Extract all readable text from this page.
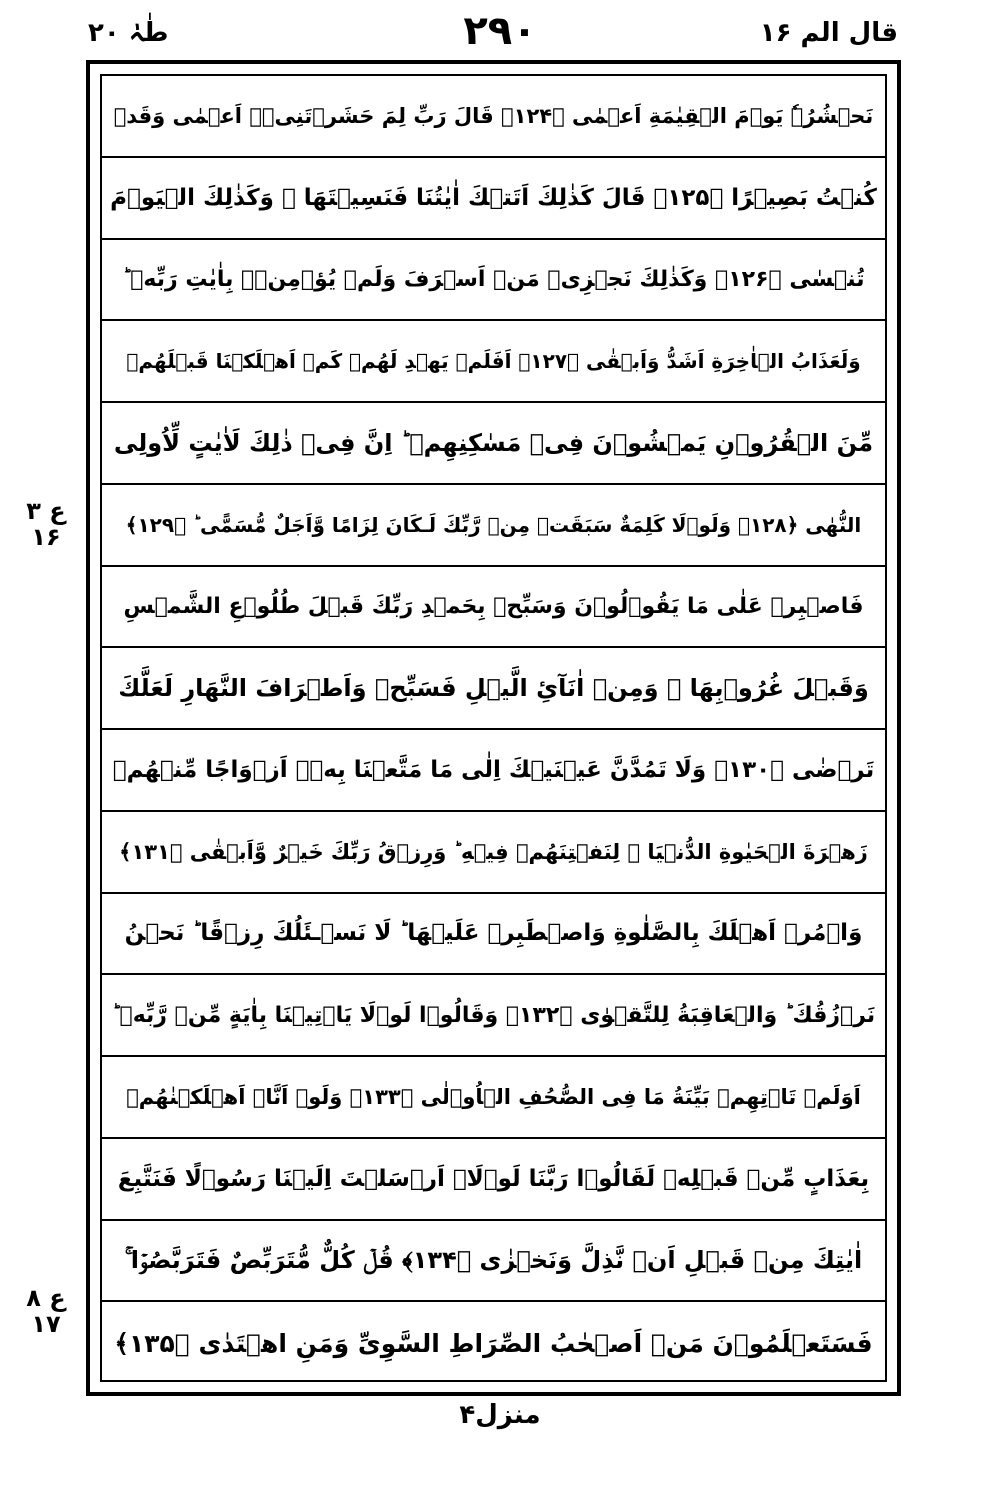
طٰہٰ ۲۰	۲۹۰	قال الم ۱۶
نَحۡشُرُہٗ يَوۡمَ الۡقِيٰمَةِ اَعۡمٰى ﴿۱۲۴﴾ قَالَ رَبِّ لِمَ حَشَرۡتَنِىۡۤ اَعۡمٰى وَقَدۡ
كُنۡتُ بَصِيۡرًا ﴿۱۲۵﴾ قَالَ كَذٰلِكَ اَتَتۡكَ اٰيٰتُنَا فَنَسِيۡتَهَا ۚ وَكَذٰلِكَ الۡيَوۡمَ
تُنۡسٰى ﴿۱۲۶﴾ وَكَذٰلِكَ نَجۡزِىۡ مَنۡ اَسۡرَفَ وَلَمۡ يُؤۡمِنۡۢ بِاٰيٰتِ رَبِّهٖ ؕ
وَلَعَذَابُ الۡاٰخِرَةِ اَشَدُّ وَاَبۡقٰى ﴿۱۲۷﴾ اَفَلَمۡ يَهۡدِ لَهُمۡ كَمۡ اَهۡلَكۡنَا قَبۡلَهُمۡ
مِّنَ الۡقُرُوۡنِ يَمۡشُوۡنَ فِىۡ مَسٰكِنِهِمۡ ؕ اِنَّ فِىۡ ذٰلِكَ لَاٰيٰتٍ لِّاُولِى
النُّهٰى ﴿۱۲۸﴾ وَلَوۡلَا كَلِمَةٌ سَبَقَتۡ مِنۡ رَّبِّكَ لَـكَانَ لِزَامًا وَّاَجَلٌ مُّسَمًّى ؕ ﴿۱۲۹﴾
فَاصۡبِرۡ عَلٰى مَا يَقُوۡلُوۡنَ وَسَبِّحۡ بِحَمۡدِ رَبِّكَ قَبۡلَ طُلُوۡعِ الشَّمۡسِ
وَقَبۡلَ غُرُوۡبِهَا ۚ وَمِنۡ اٰنَآئِ الَّيۡلِ فَسَبِّحۡ وَاَطۡرَافَ النَّهَارِ لَعَلَّكَ
تَرۡضٰى ﴿۱۳۰﴾ وَلَا تَمُدَّنَّ عَيۡنَيۡكَ اِلٰى مَا مَتَّعۡنَا بِهٖۤ اَزۡوَاجًا مِّنۡهُمۡ
زَهۡرَةَ الۡحَيٰوةِ الدُّنۡيَا ۙ لِنَفۡتِنَهُمۡ فِيۡهِ ؕ وَرِزۡقُ رَبِّكَ خَيۡرٌ وَّاَبۡقٰى ﴿۱۳۱﴾
وَاۡمُرۡ اَهۡلَكَ بِالصَّلٰوةِ وَاصۡطَبِرۡ عَلَيۡهَا ؕ لَا نَسۡـئَلُكَ رِزۡقًا ؕ نَحۡنُ
نَرۡزُقُكَ ؕ وَالۡعَاقِبَةُ لِلتَّقۡوٰى ﴿۱۳۲﴾ وَقَالُوۡا لَوۡلَا يَاۡتِيۡنَا بِاٰيَةٍ مِّنۡ رَّبِّهٖ ؕ
اَوَلَمۡ تَاۡتِهِمۡ بَيِّنَةُ مَا فِى الصُّحُفِ الۡاُوۡلٰى ﴿۱۳۳﴾ وَلَوۡ اَنَّاۤ اَهۡلَكۡنٰهُمۡ
بِعَذَابٍ مِّنۡ قَبۡلِهٖ لَقَالُوۡا رَبَّنَا لَوۡلَاۤ اَرۡسَلۡتَ اِلَيۡنَا رَسُوۡلًا فَنَتَّبِعَ
اٰيٰتِكَ مِنۡ قَبۡلِ اَنۡ نَّذِلَّ وَنَخۡزٰى ﴿۱۳۴﴾ قُلۡ كُلٌّ مُّتَرَبِّصٌ فَتَرَبَّصُوۡا ۚ
فَسَتَعۡلَمُوۡنَ مَنۡ اَصۡحٰبُ الصِّرَاطِ السَّوِىِّ وَمَنِ اهۡتَدٰى ﴿۱۳۵﴾
ع ۳
۱۶
ع ۸
۱۷
منزل۴
